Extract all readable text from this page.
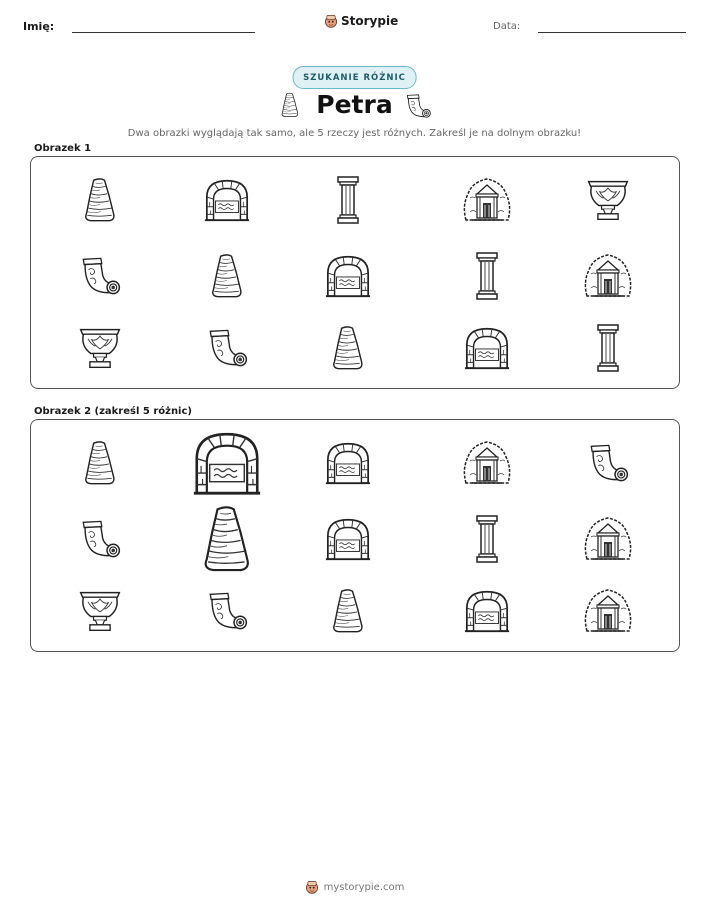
Imię:	Storypie	Data:
SZUKANIE RÓŻNIC
Petra
Dwa obrazki wyglądają tak samo, ale 5 rzeczy jest różnych. Zakreśl je na dolnym obrazku!
Obrazek 1
Obrazek 2 (zakreśl 5 różnic)
mystorypie.com
